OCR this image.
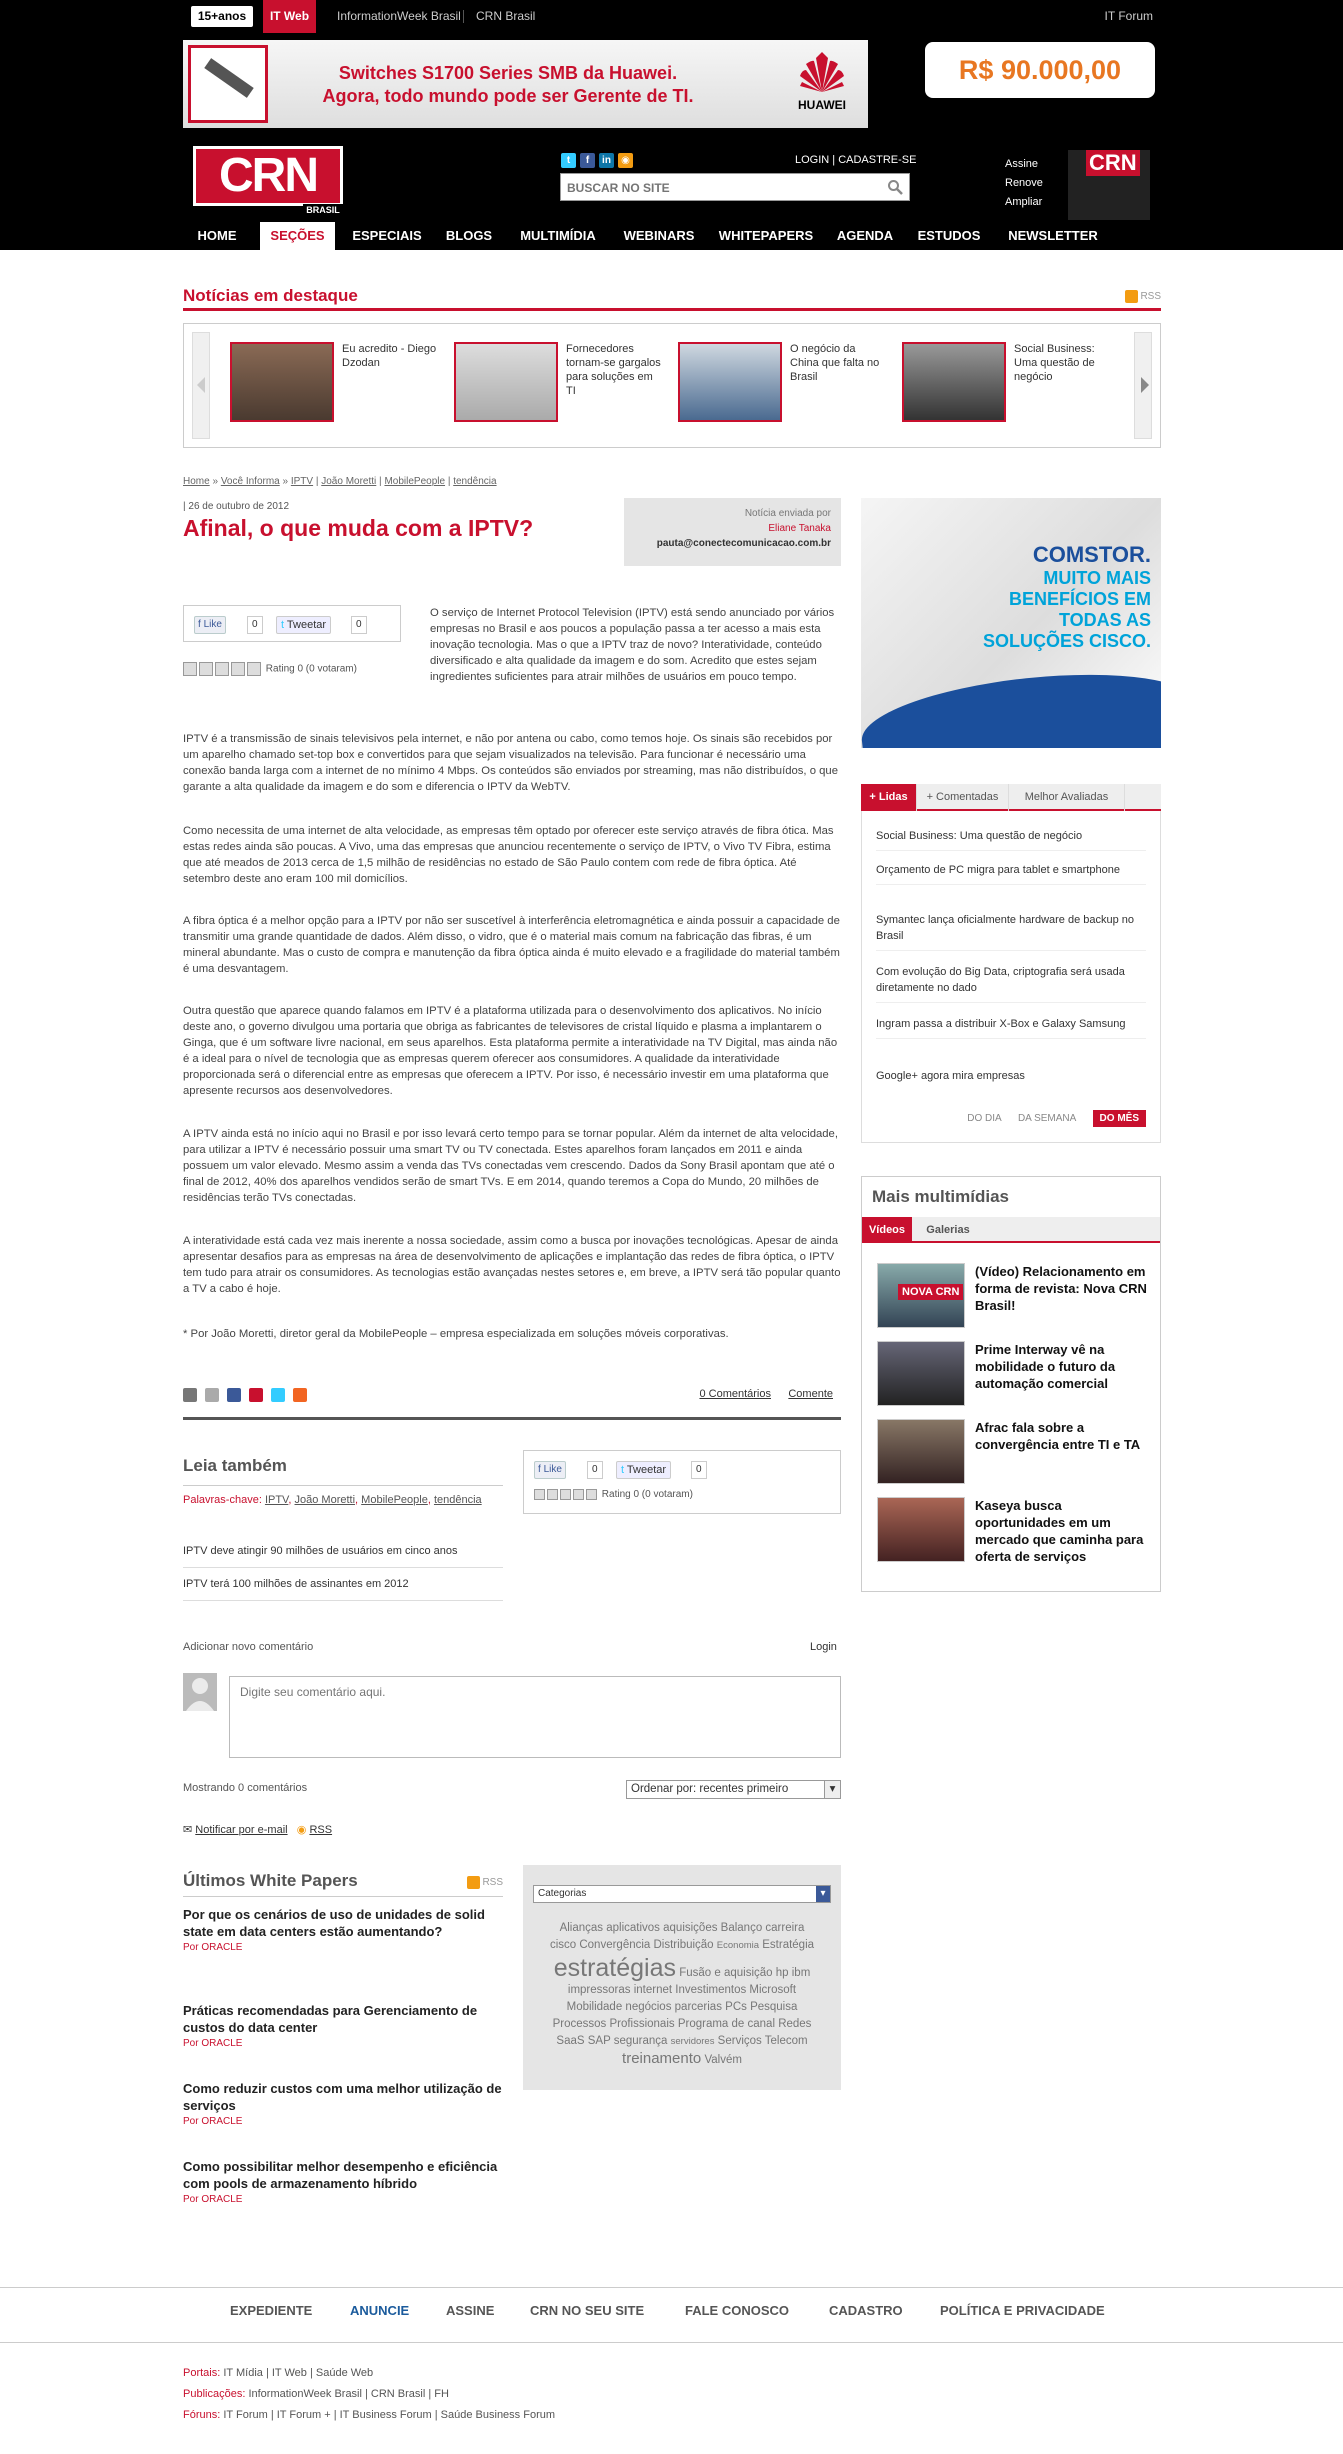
15+anos	IT Web	InformationWeek Brasil CRN Brasil	IT Forum
Switches S1700 Series SMB da Huawei.
Agora, todo mundo pode ser Gerente de TI.	HUAWEI
R$ 90.000,00
CRN
BRASIL
t	f	in	◉	LOGIN | CADASTRE-SE
BUSCAR NO SITE	Assine
Renove
Ampliar
CRN
HOME	SEÇÕES	ESPECIAIS	BLOGS	MULTIMÍDIA	WEBINARS	WHITEPAPERS	AGENDA	ESTUDOS	NEWSLETTER
Notícias em destaque	RSS
Eu acredito - Diego Dzodan
Fornecedores tornam-se gargalos para soluções em TI
O negócio da China que falta no Brasil
Social Business: Uma questão de negócio
Home » Você Informa » IPTV | João Moretti | MobilePeople | tendência
| 26 de outubro de 2012
Afinal, o que muda com a IPTV?
Notícia enviada por
Eliane Tanaka
pauta@conectecomunicacao.com.br
f Like	0	t Tweetar	0
Rating 0 (0 votaram)

O serviço de Internet Protocol Television (IPTV) está sendo anunciado por vários empresas no Brasil e aos poucos a população passa a ter acesso a mais esta inovação tecnologia. Mas o que a IPTV traz de novo? Interatividade, conteúdo diversificado e alta qualidade da imagem e do som. Acredito que estes sejam ingredientes suficientes para atrair milhões de usuários em pouco tempo.

IPTV é a transmissão de sinais televisivos pela internet, e não por antena ou cabo, como temos hoje. Os sinais são recebidos por um aparelho chamado set-top box e convertidos para que sejam visualizados na televisão. Para funcionar é necessário uma conexão banda larga com a internet de no mínimo 4 Mbps. Os conteúdos são enviados por streaming, mas não distribuídos, o que garante a alta qualidade da imagem e do som e diferencia o IPTV da WebTV.

Como necessita de uma internet de alta velocidade, as empresas têm optado por oferecer este serviço através de fibra ótica. Mas estas redes ainda são poucas. A Vivo, uma das empresas que anunciou recentemente o serviço de IPTV, o Vivo TV Fibra, estima que até meados de 2013 cerca de 1,5 milhão de residências no estado de São Paulo contem com rede de fibra óptica. Até setembro deste ano eram 100 mil domicílios.

A fibra óptica é a melhor opção para a IPTV por não ser suscetível à interferência eletromagnética e ainda possuir a capacidade de transmitir uma grande quantidade de dados. Além disso, o vidro, que é o material mais comum na fabricação das fibras, é um mineral abundante. Mas o custo de compra e manutenção da fibra óptica ainda é muito elevado e a fragilidade do material também é uma desvantagem.

Outra questão que aparece quando falamos em IPTV é a plataforma utilizada para o desenvolvimento dos aplicativos. No início deste ano, o governo divulgou uma portaria que obriga as fabricantes de televisores de cristal líquido e plasma a implantarem o Ginga, que é um software livre nacional, em seus aparelhos. Esta plataforma permite a interatividade na TV Digital, mas ainda não é a ideal para o nível de tecnologia que as empresas querem oferecer aos consumidores. A qualidade da interatividade proporcionada será o diferencial entre as empresas que oferecem a IPTV. Por isso, é necessário investir em uma plataforma que apresente recursos aos desenvolvedores.

A IPTV ainda está no início aqui no Brasil e por isso levará certo tempo para se tornar popular. Além da internet de alta velocidade, para utilizar a IPTV é necessário possuir uma smart TV ou TV conectada. Estes aparelhos foram lançados em 2011 e ainda possuem um valor elevado. Mesmo assim a venda das TVs conectadas vem crescendo. Dados da Sony Brasil apontam que até o final de 2012, 40% dos aparelhos vendidos serão de smart TVs. E em 2014, quando teremos a Copa do Mundo, 20 milhões de residências terão TVs conectadas.

A interatividade está cada vez mais inerente a nossa sociedade, assim como a busca por inovações tecnológicas. Apesar de ainda apresentar desafios para as empresas na área de desenvolvimento de aplicações e implantação das redes de fibra óptica, o IPTV tem tudo para atrair os consumidores. As tecnologias estão avançadas nestes setores e, em breve, a IPTV será tão popular quanto a TV a cabo é hoje.

* Por João Moretti, diretor geral da MobilePeople – empresa especializada em soluções móveis corporativas.

0 Comentários Comente
Leia também
Palavras-chave: IPTV, João Moretti, MobilePeople, tendência
IPTV deve atingir 90 milhões de usuários em cinco anos
IPTV terá 100 milhões de assinantes em 2012
f Like	0	t Tweetar	0
Rating 0 (0 votaram)
Adicionar novo comentário	Login
Digite seu comentário aqui.
Mostrando 0 comentários	Ordenar por: recentes primeiro ▾
✉ Notificar por e-mail ◉ RSS
Últimos White Papers	RSS
Por que os cenários de uso de unidades de solid state em data centers estão aumentando?
Por ORACLE
Práticas recomendadas para Gerenciamento de custos do data center
Por ORACLE
Como reduzir custos com uma melhor utilização de serviços
Por ORACLE
Como possibilitar melhor desempenho e eficiência com pools de armazenamento híbrido
Por ORACLE
Categorias ▾
Alianças aplicativos aquisições Balanço carreira
cisco Convergência Distribuição Economia Estratégia
estratégias Fusão e aquisição hp ibm
impressoras internet Investimentos Microsoft
Mobilidade negócios parcerias PCs Pesquisa
Processos Profissionais Programa de canal Redes
SaaS SAP segurança servidores Serviços Telecom
treinamento Valvém
COMSTOR.
MUITO MAIS BENEFÍCIOS EM TODAS AS SOLUÇÕES CISCO.
+ Lidas	+ Comentadas	Melhor Avaliadas
Social Business: Uma questão de negócio
Orçamento de PC migra para tablet e smartphone
Symantec lança oficialmente hardware de backup no Brasil
Com evolução do Big Data, criptografia será usada diretamente no dado
Ingram passa a distribuir X-Box e Galaxy Samsung
Google+ agora mira empresas
DO DIA DA SEMANA DO MÊS
Mais multimídias
Vídeos	Galerias
NOVA CRN
(Vídeo) Relacionamento em forma de revista: Nova CRN Brasil!
Prime Interway vê na mobilidade o futuro da automação comercial
Afrac fala sobre a convergência entre TI e TA
Kaseya busca oportunidades em um mercado que caminha para oferta de serviços
EXPEDIENTE	ANUNCIE	ASSINE	CRN NO SEU SITE	FALE CONOSCO	CADASTRO	POLÍTICA E PRIVACIDADE
Portais: IT Mídia | IT Web | Saúde Web
Publicações: InformationWeek Brasil | CRN Brasil | FH
Fóruns: IT Forum | IT Forum + | IT Business Forum | Saúde Business Forum
